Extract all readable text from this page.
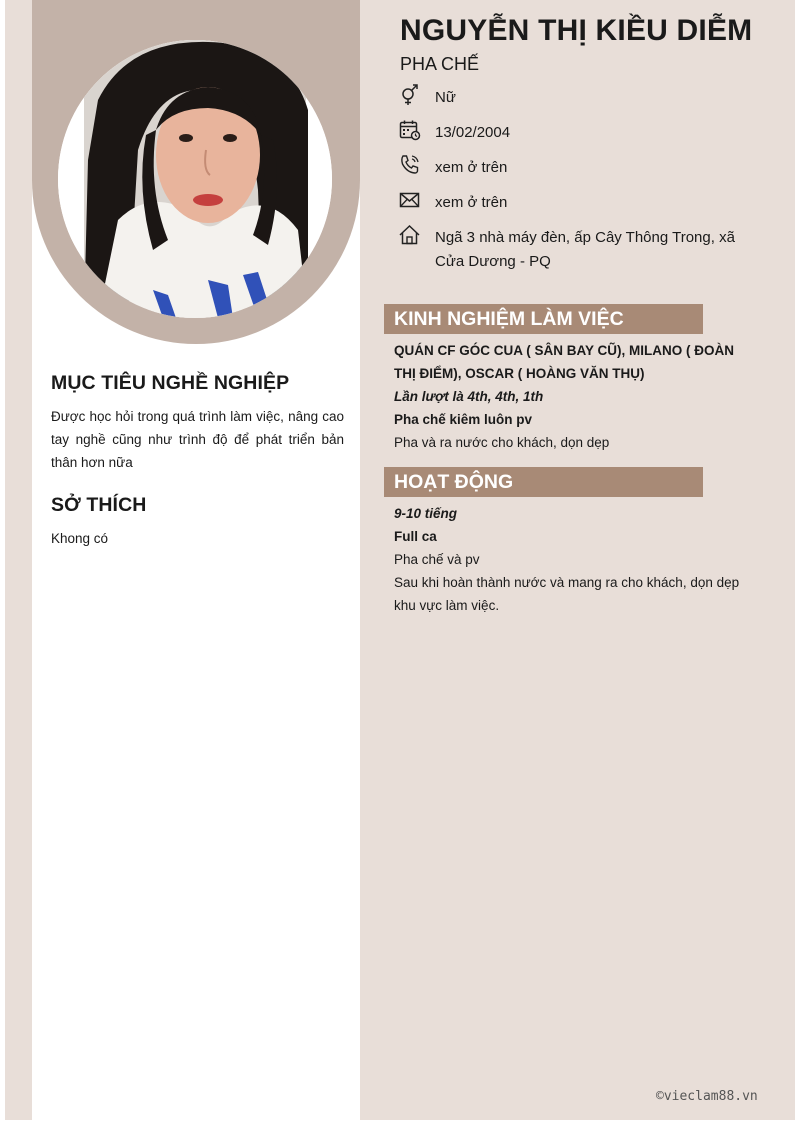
MỤC TIÊU NGHỀ NGHIỆP

Được học hỏi trong quá trình làm việc, nâng cao tay nghề cũng như trình độ để phát triển bản thân hơn nữa

SỞ THÍCH

Khong có

NGUYỄN THỊ KIỀU DIỄM
PHA CHẾ
Nữ
13/02/2004
xem ở trên
xem ở trên
Ngã 3 nhà máy đèn, ấp Cây Thông Trong, xã Cửa Dương - PQ
KINH NGHIỆM LÀM VIỆC

QUÁN CF GÓC CUA ( SÂN BAY CŨ), MILANO ( ĐOÀN THỊ ĐIỂM), OSCAR ( HOÀNG VĂN THỤ)

Lần lượt là 4th, 4th, 1th

Pha chế kiêm luôn pv

Pha và ra nước cho khách, dọn dẹp

HOẠT ĐỘNG

9-10 tiếng

Full ca

Pha chế và pv

Sau khi hoàn thành nước và mang ra cho khách, dọn dẹp khu vực làm việc.

©vieclam88.vn
